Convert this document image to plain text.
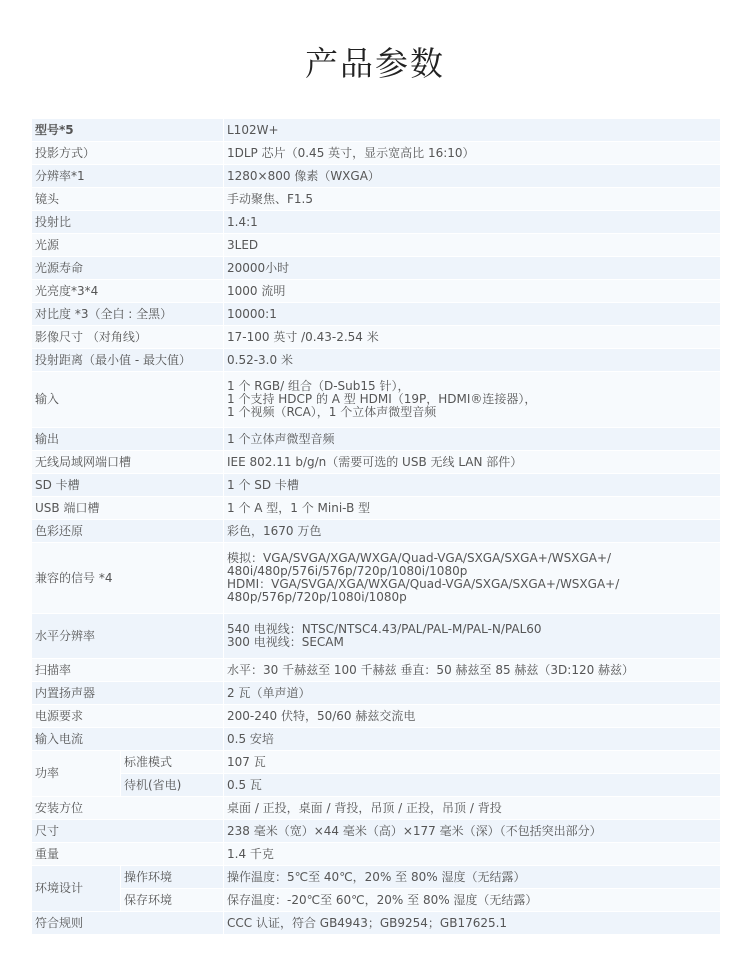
产品参数
型号*5		L102W+
投影方式）		1DLP 芯片（0.45 英寸，显示宽高比 16:10）
分辨率*1		1280×800 像素（WXGA）
镜头		手动聚焦、F1.5
投射比		1.4:1
光源		3LED
光源寿命		20000小时
光亮度*3*4		1000 流明
对比度 *3（全白 : 全黑）		10000:1
影像尺寸 （对角线）		17-100 英寸 /0.43-2.54 米
投射距离（最小值 - 最大值）		0.52-3.0 米
输入		1 个 RGB/ 组合（D-Sub15 针），
1 个支持 HDCP 的 A 型 HDMI（19P，HDMI®连接器），
1 个视频（RCA），1 个立体声微型音频

输出		1 个立体声微型音频
无线局域网端口槽		IEE 802.11 b/g/n（需要可选的 USB 无线 LAN 部件）
SD 卡槽		1 个 SD 卡槽
USB 端口槽		1 个 A 型，1 个 Mini-B 型
色彩还原		彩色，1670 万色
兼容的信号 *4		模拟：VGA/SVGA/XGA/WXGA/Quad-VGA/SXGA/SXGA+/WSXGA+/
480i/480p/576i/576p/720p/1080i/1080p
HDMI：VGA/SVGA/XGA/WXGA/Quad-VGA/SXGA/SXGA+/WSXGA+/
480p/576p/720p/1080i/1080p

水平分辨率		540 电视线：NTSC/NTSC4.43/PAL/PAL-M/PAL-N/PAL60
300 电视线：SECAM

扫描率		水平：30 千赫兹至 100 千赫兹 垂直：50 赫兹至 85 赫兹（3D:120 赫兹）
内置扬声器		2 瓦（单声道）
电源要求		200-240 伏特，50/60 赫兹交流电
输入电流		0.5 安培
功率	标准模式	107 瓦
	待机(省电)	0.5 瓦
安装方位		桌面 / 正投，桌面 / 背投，吊顶 / 正投，吊顶 / 背投
尺寸		238 毫米（宽）×44 毫米（高）×177 毫米（深）（不包括突出部分）
重量		1.4 千克
环境设计	操作环境	操作温度：5℃至 40℃，20% 至 80% 湿度（无结露）
	保存环境	保存温度：-20℃至 60℃，20% 至 80% 湿度（无结露）
符合规则		CCC 认证，符合 GB4943；GB9254；GB17625.1
